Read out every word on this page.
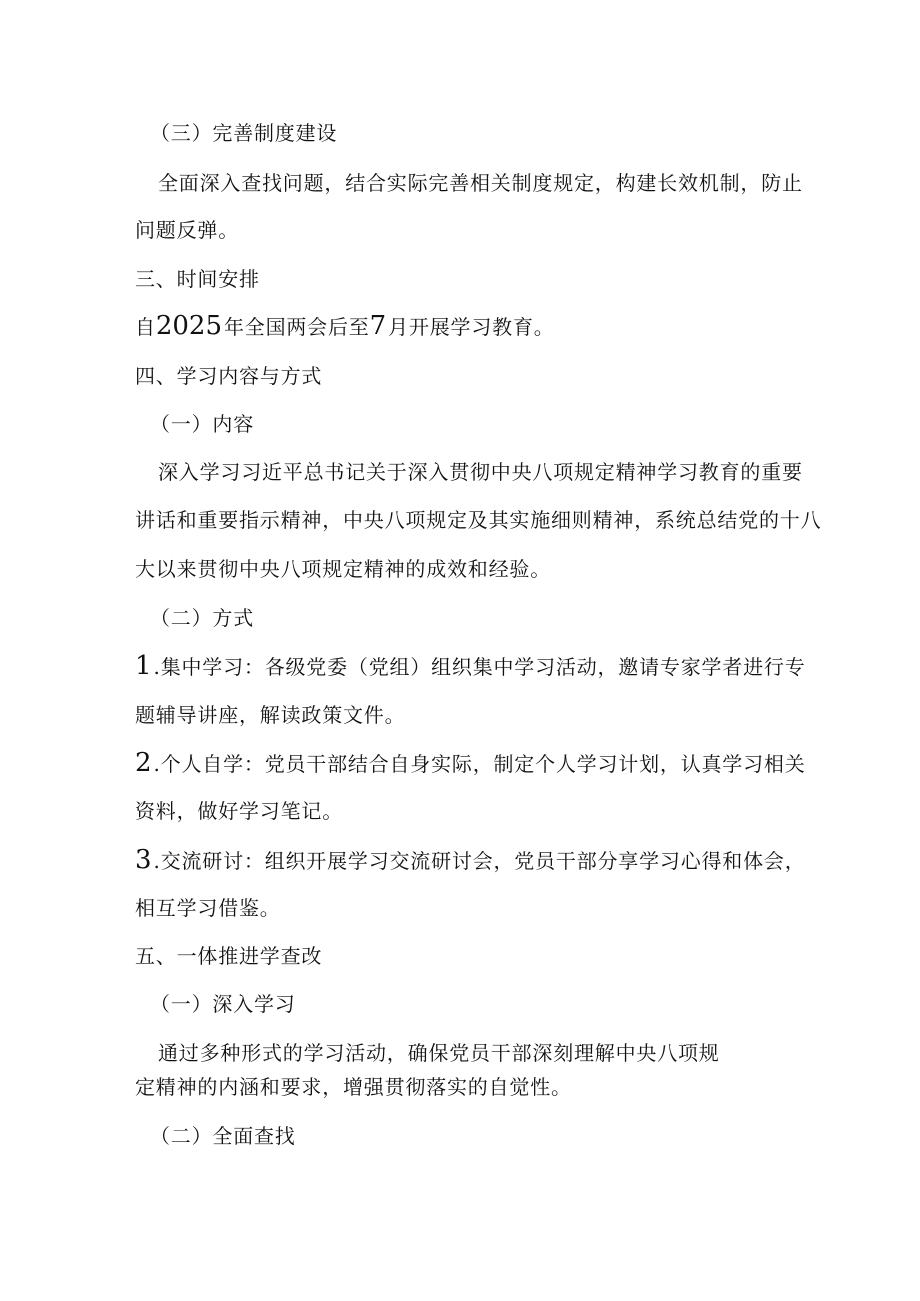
（三）完善制度建设
全面深入查找问题，结合实际完善相关制度规定，构建长效机制，防止
问题反弹。
三、时间安排
自2025 年全国两会后至7 月开展学习教育。
四、学习内容与方式
（一）内容
深入学习习近平总书记关于深入贯彻中央八项规定精神学习教育的重要
讲话和重要指示精神，中央八项规定及其实施细则精神，系统总结党的十八
大以来贯彻中央八项规定精神的成效和经验。
（二）方式
1 .集中学习：各级党委（党组）组织集中学习活动，邀请专家学者进行专
题辅导讲座，解读政策文件。
2 .个人自学：党员干部结合自身实际，制定个人学习计划，认真学习相关
资料，做好学习笔记。
3 .交流研讨：组织开展学习交流研讨会，党员干部分享学习心得和体会，
相互学习借鉴。
五、一体推进学查改
（一）深入学习
通过多种形式的学习活动，确保党员干部深刻理解中央八项规
定精神的内涵和要求，增强贯彻落实的自觉性。
（二）全面查找
